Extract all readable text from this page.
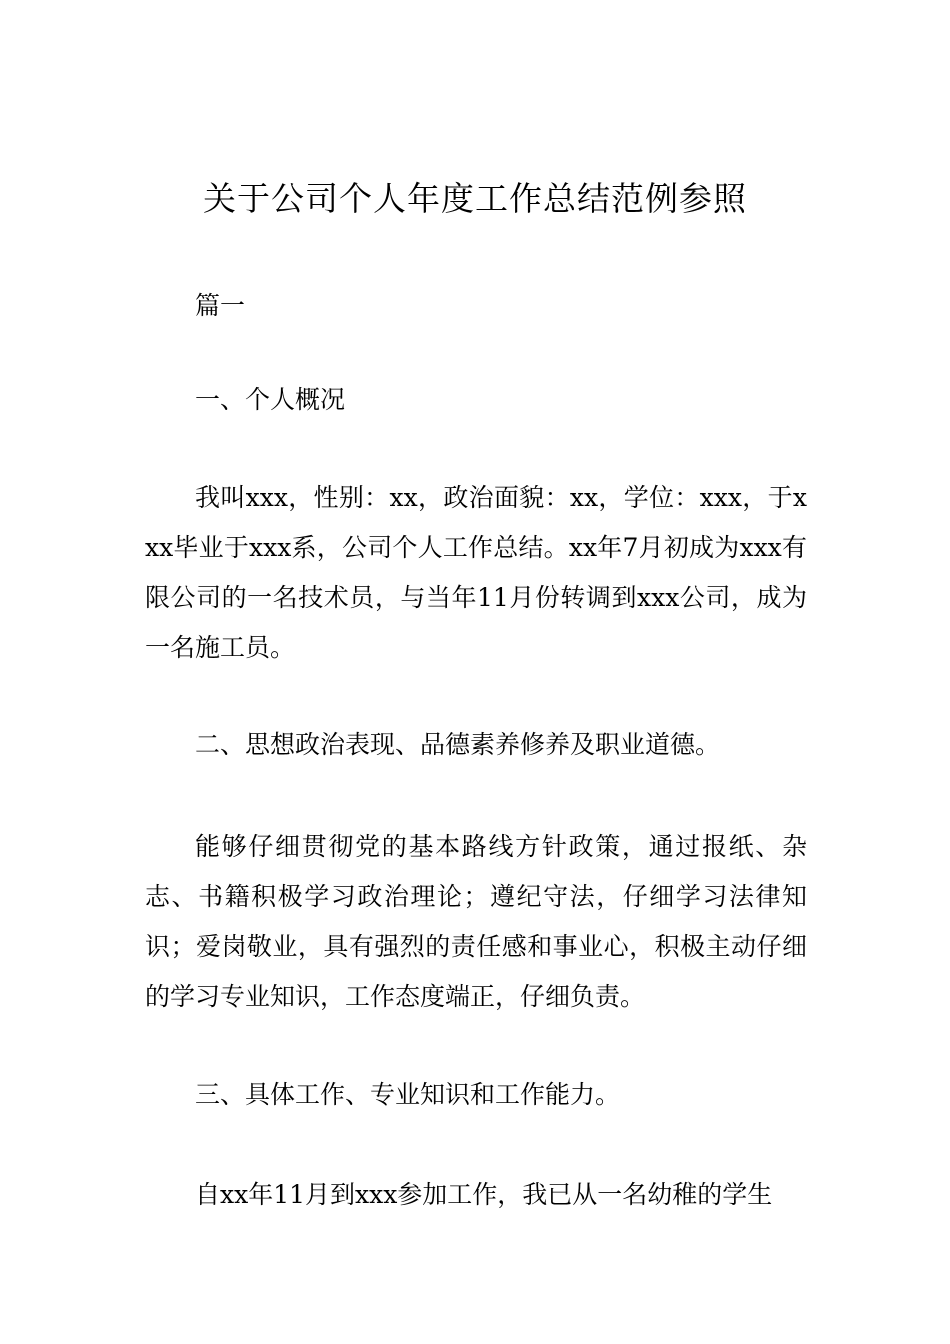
关于公司个人年度工作总结范例参照

篇一

一、个人概况

我叫xxx，性别：xx，政治面貌：xx，学位：xxx，于xxx毕业于xxx系，公司个人工作总结。xx年7月初成为xxx有限公司的一名技术员，与当年11月份转调到xxx公司，成为一名施工员。

二、思想政治表现、品德素养修养及职业道德。

能够仔细贯彻党的基本路线方针政策，通过报纸、杂志、书籍积极学习政治理论；遵纪守法，仔细学习法律知识；爱岗敬业，具有强烈的责任感和事业心，积极主动仔细的学习专业知识，工作态度端正，仔细负责。

三、具体工作、专业知识和工作能力。

自xx年11月到xxx参加工作，我已从一名幼稚的学生
